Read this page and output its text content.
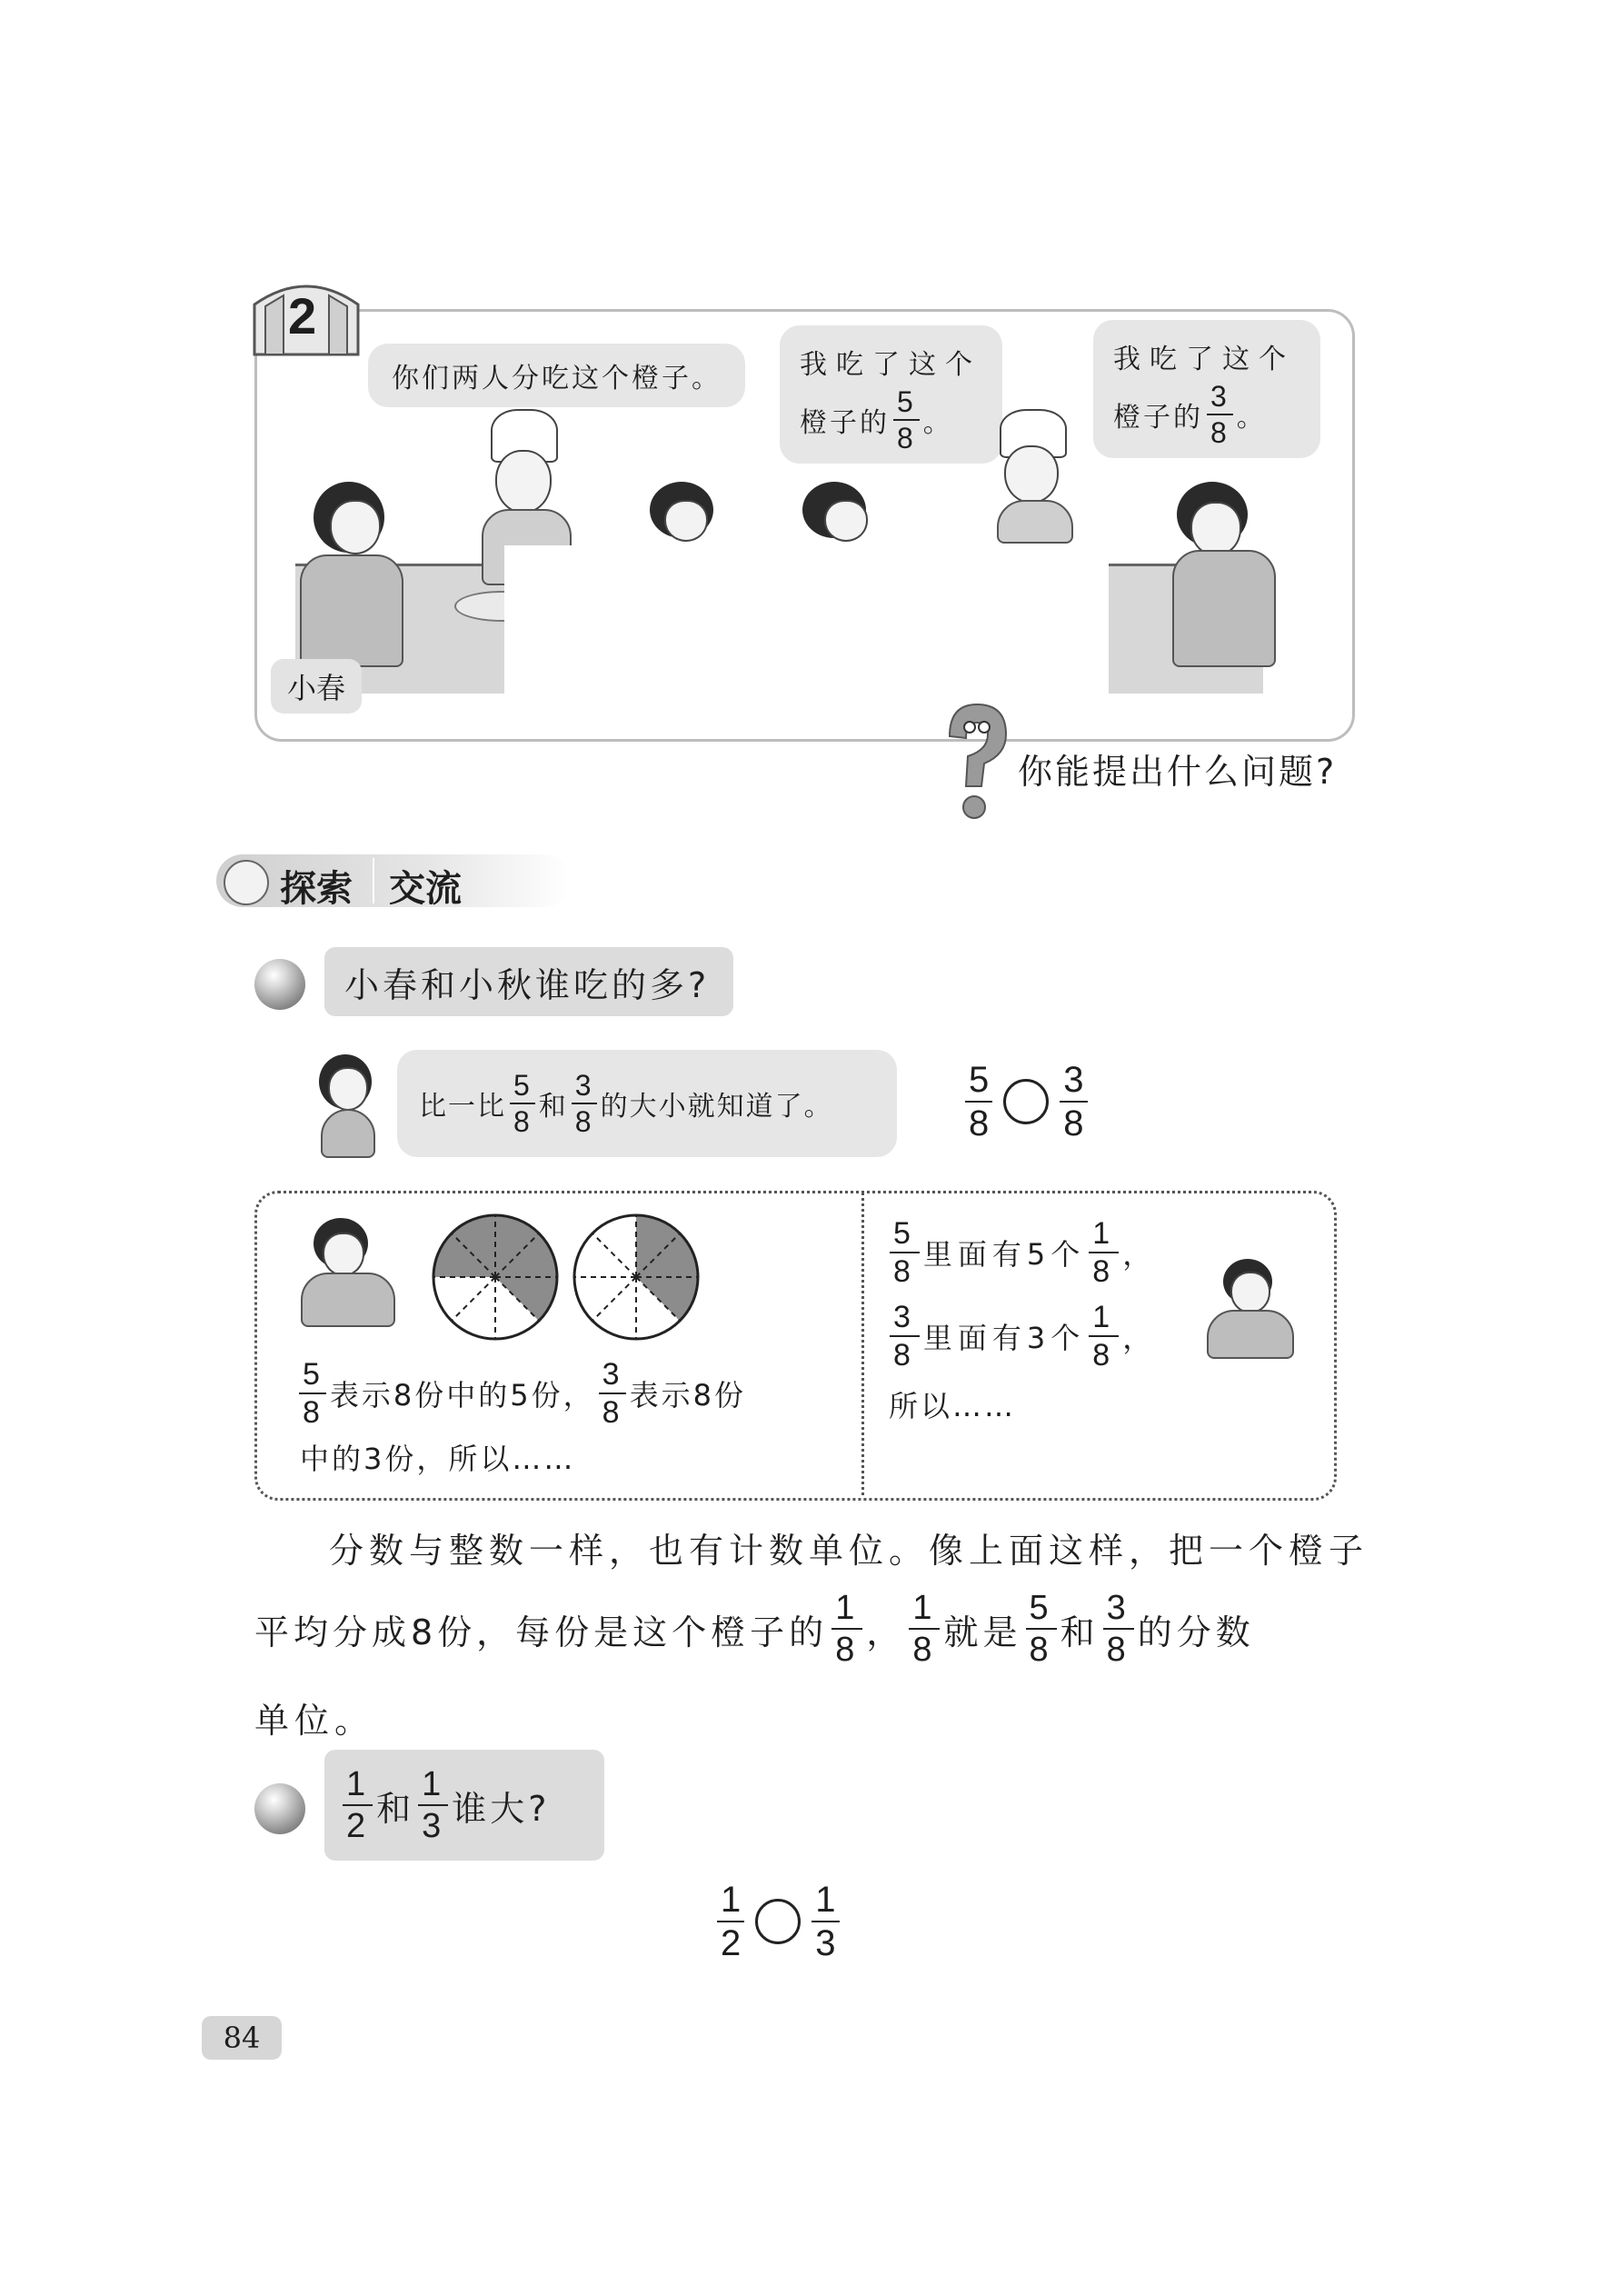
2
你们两人分吃这个橙子。	我吃了这个
橙子的 $\frac{5}{8}$ 。
我吃了这个
橙子的 $\frac{3}{8}$ 。
小春
你能提出什么问题?
探索 交流
小春和小秋谁吃的多?
比一比 $\frac{5}{8}$ 和 $\frac{3}{8}$ 的大小就知道了。	$\frac{5}{8} \frac{3}{8}$
$\frac{5}{8}$ 表示8份中的5份， $\frac{3}{8}$ 表示8份
中的3份，所以……
$\frac{5}{8}$ 里面有5个 $\frac{1}{8}$ ，
$\frac{3}{8}$ 里面有3个 $\frac{1}{8}$ ，
所以……
分数与整数一样，也有计数单位。像上面这样，把一个橙子
平均分成8份，每份是这个橙子的 $\frac{1}{8}$ ， $\frac{1}{8}$ 就是 $\frac{5}{8}$ 和 $\frac{3}{8}$ 的分数
单位。
$\frac{1}{2}$ 和 $\frac{1}{3}$ 谁大?
$\frac{1}{2} \frac{1}{3}$
84
